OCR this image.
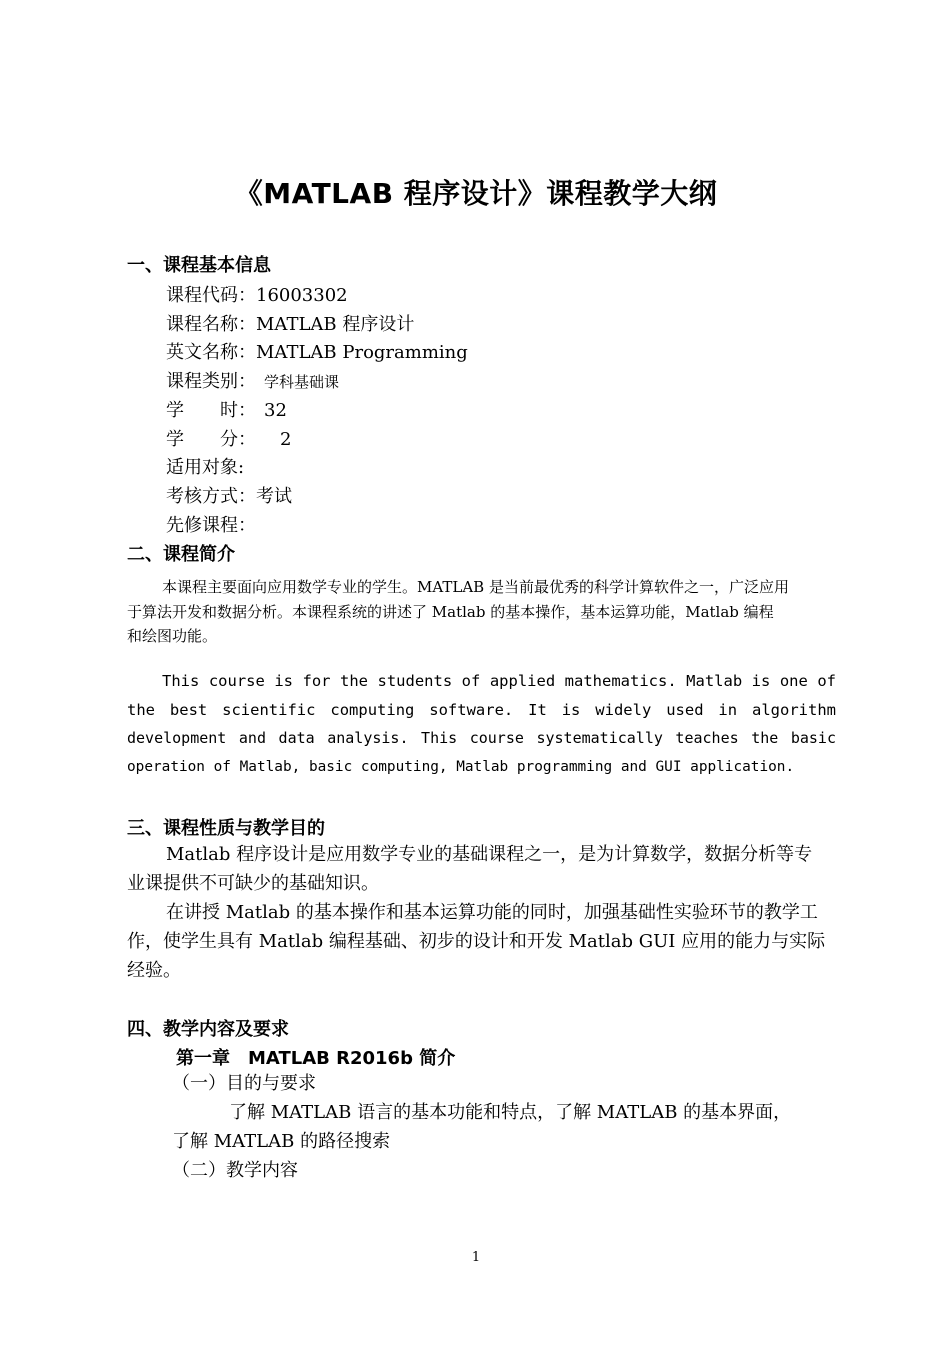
《MATLAB 程序设计》课程教学大纲
一、课程基本信息
课程代码：16003302
课程名称：MATLAB 程序设计
英文名称：MATLAB Programming
课程类别： 学科基础课
学　　时： 32
学　　分： 2
适用对象:
考核方式：考试
先修课程：
二、课程简介
本课程主要面向应用数学专业的学生。MATLAB 是当前最优秀的科学计算软件之一，广泛应用
于算法开发和数据分析。本课程系统的讲述了 Matlab 的基本操作，基本运算功能，Matlab 编程
和绘图功能。
This course is for the students of applied mathematics. Matlab is one of
the best scientific computing software. It is widely used in algorithm
development and data analysis. This course systematically teaches the basic
operation of Matlab, basic computing, Matlab programming and GUI application.
三、课程性质与教学目的
Matlab 程序设计是应用数学专业的基础课程之一，是为计算数学，数据分析等专
业课提供不可缺少的基础知识。
在讲授 Matlab 的基本操作和基本运算功能的同时，加强基础性实验环节的教学工
作，使学生具有 Matlab 编程基础、初步的设计和开发 Matlab GUI 应用的能力与实际
经验。
四、教学内容及要求
第一章　MATLAB R2016b 简介
（一）目的与要求
了解 MATLAB 语言的基本功能和特点，了解 MATLAB 的基本界面，
了解 MATLAB 的路径搜索
（二）教学内容
1
